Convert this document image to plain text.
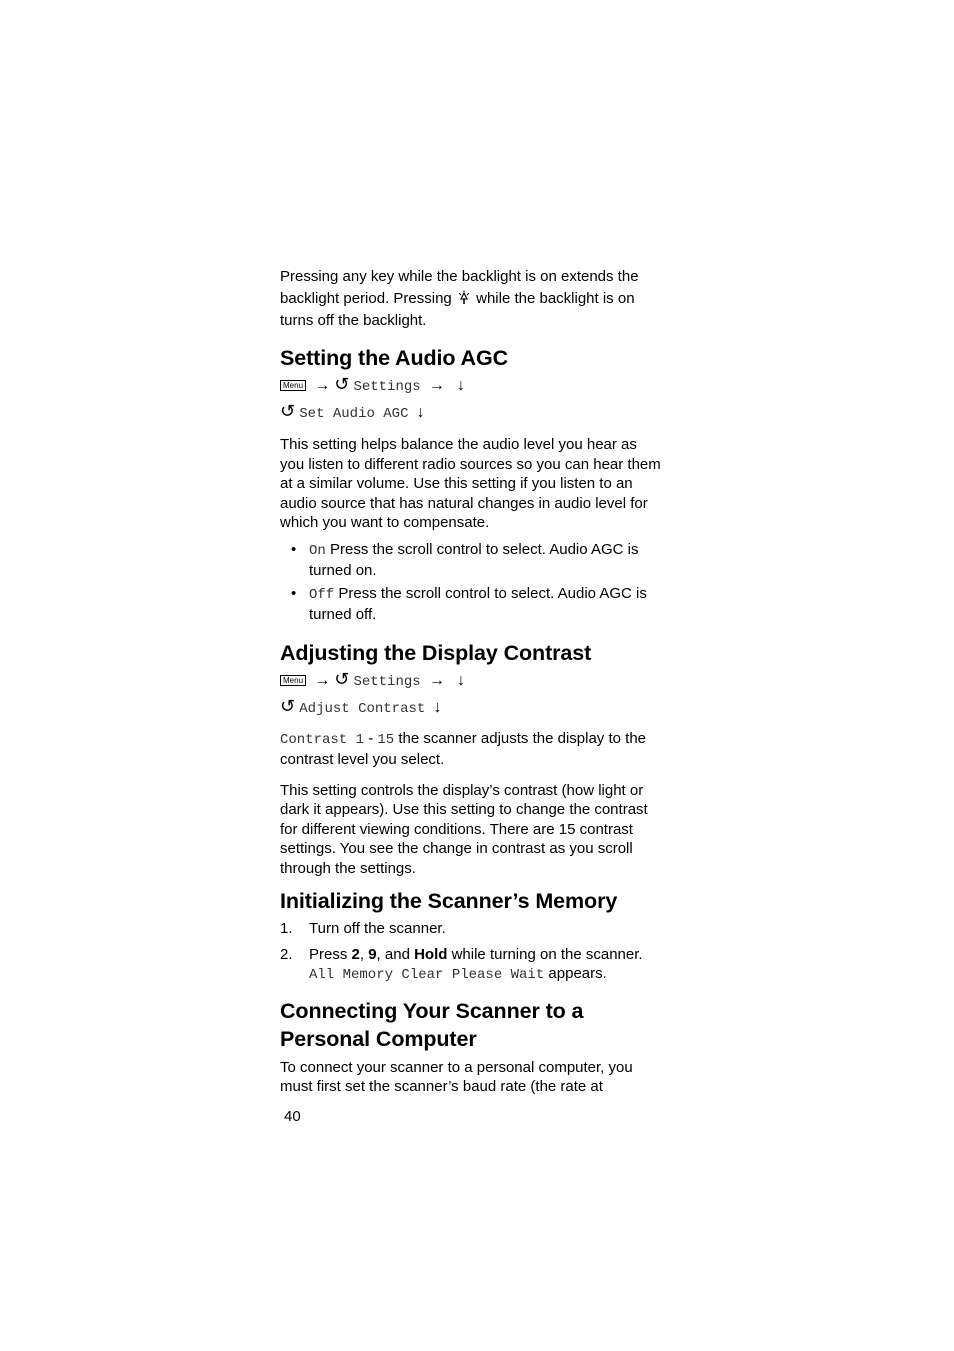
Pressing any key while the backlight is on extends the backlight period. Pressing while the backlight is on turns off the backlight.

Setting the Audio AGC
Menu → ↺ Settings → ↓
↺ Set Audio AGC ↓

This setting helps balance the audio level you hear as you listen to different radio sources so you can hear them at a similar volume. Use this setting if you listen to an audio source that has natural changes in audio level for which you want to compensate.

• On Press the scroll control to select. Audio AGC is turned on.
• Off Press the scroll control to select. Audio AGC is turned off.
Adjusting the Display Contrast
Menu → ↺ Settings → ↓
↺ Adjust Contrast ↓

Contrast 1 - 15 the scanner adjusts the display to the contrast level you select.

This setting controls the display’s contrast (how light or dark it appears). Use this setting to change the contrast for different viewing conditions. There are 15 contrast settings. You see the change in contrast as you scroll through the settings.

Initializing the Scanner’s Memory
1. Turn off the scanner.
2. Press 2, 9, and Hold while turning on the scanner.
All Memory Clear Please Wait appears.
Connecting Your Scanner to a
Personal Computer

To connect your scanner to a personal computer, you must first set the scanner’s baud rate (the rate at

40
